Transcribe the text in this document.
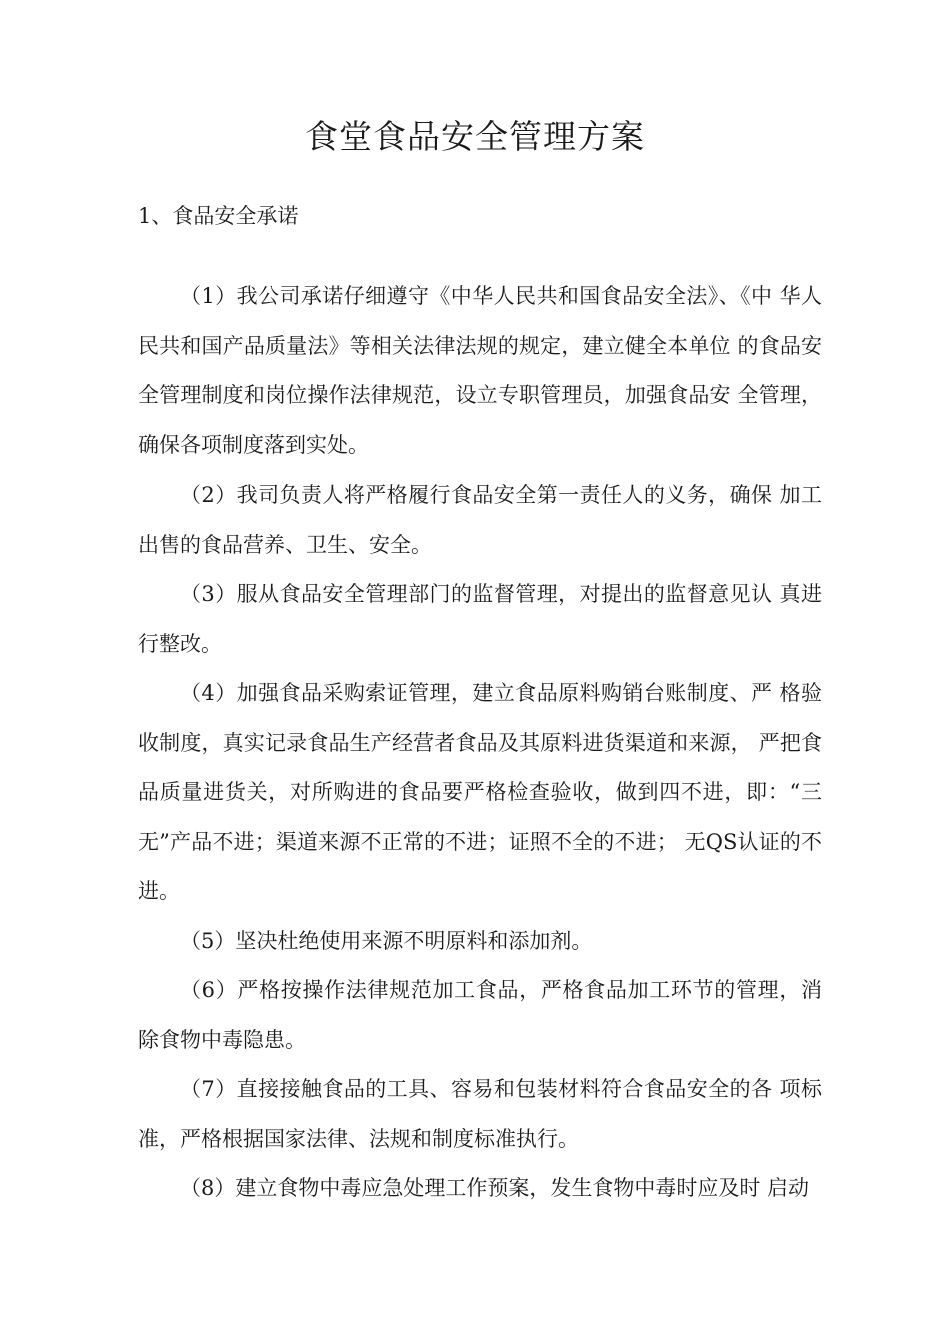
食堂食品安全管理方案
1、食品安全承诺

（1）我公司承诺仔细遵守《中华人民共和国食品安全法》、《中 华人民共和国产品质量法》等相关法律法规的规定，建立健全本单位 的食品安全管理制度和岗位操作法律规范，设立专职管理员，加强食品安 全管理，确保各项制度落到实处。

（2）我司负责人将严格履行食品安全第一责任人的义务，确保 加工出售的食品营养、卫生、安全。

（3）服从食品安全管理部门的监督管理，对提出的监督意见认 真进行整改。

（4）加强食品采购索证管理，建立食品原料购销台账制度、严 格验收制度，真实记录食品生产经营者食品及其原料进货渠道和来源， 严把食品质量进货关，对所购进的食品要严格检查验收，做到四不进，即：“三无”产品不进；渠道来源不正常的不进；证照不全的不进； 无QS认证的不进。

（5）坚决杜绝使用来源不明原料和添加剂。

（6）严格按操作法律规范加工食品，严格食品加工环节的管理，消除食物中毒隐患。

（7）直接接触食品的工具、容易和包装材料符合食品安全的各 项标准，严格根据国家法律、法规和制度标准执行。

（8）建立食物中毒应急处理工作预案，发生食物中毒时应及时 启动
